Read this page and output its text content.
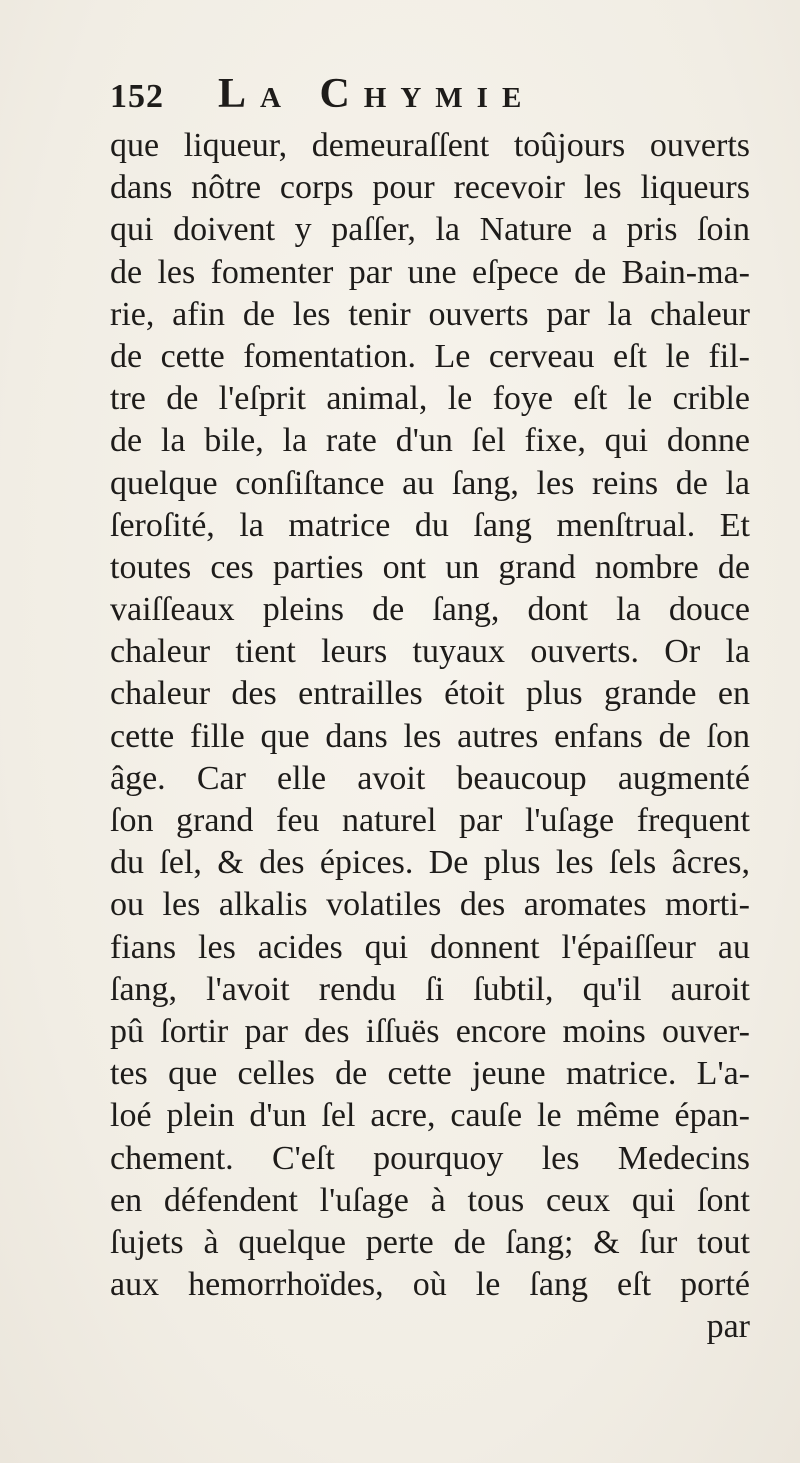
152 La Chymie
que liqueur, demeuraſſent toûjours ouverts
dans nôtre corps pour recevoir les liqueurs
qui doivent y paſſer, la Nature a pris ſoin
de les fomenter par une eſpece de Bain-ma-
rie, afin de les tenir ouverts par la chaleur
de cette fomentation. Le cerveau eſt le fil-
tre de l'eſprit animal, le foye eſt le crible
de la bile, la rate d'un ſel fixe, qui donne
quelque conſiſtance au ſang, les reins de la
ſeroſité, la matrice du ſang menſtrual. Et
toutes ces parties ont un grand nombre de
vaiſſeaux pleins de ſang, dont la douce
chaleur tient leurs tuyaux ouverts. Or la
chaleur des entrailles étoit plus grande en
cette fille que dans les autres enfans de ſon
âge. Car elle avoit beaucoup augmenté
ſon grand feu naturel par l'uſage frequent
du ſel, & des épices. De plus les ſels âcres,
ou les alkalis volatiles des aromates morti-
fians les acides qui donnent l'épaiſſeur au
ſang, l'avoit rendu ſi ſubtil, qu'il auroit
pû ſortir par des iſſuës encore moins ouver-
tes que celles de cette jeune matrice. L'a-
loé plein d'un ſel acre, cauſe le même épan-
chement. C'eſt pourquoy les Medecins
en défendent l'uſage à tous ceux qui ſont
ſujets à quelque perte de ſang; & ſur tout
aux hemorrhoïdes, où le ſang eſt porté
par
